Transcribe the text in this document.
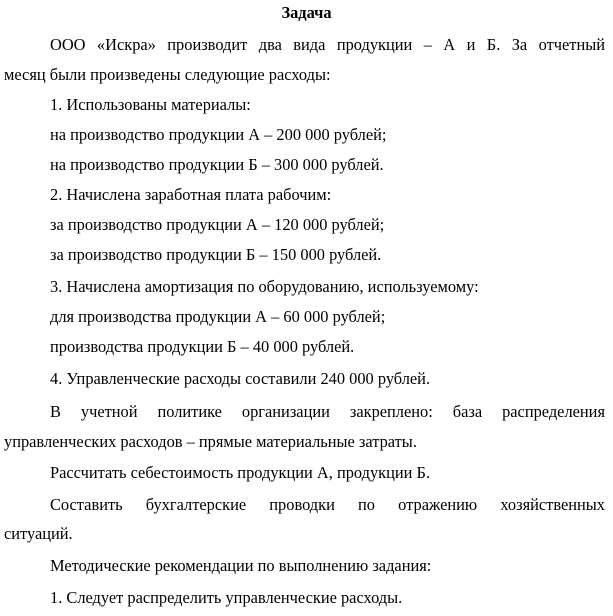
Задача
ООО «Искра» производит два вида продукции – А и Б. За отчетный
месяц были произведены следующие расходы:
1. Использованы материалы:
на производство продукции А – 200 000 рублей;
на производство продукции Б – 300 000 рублей.
2. Начислена заработная плата рабочим:
за производство продукции А – 120 000 рублей;
за производство продукции Б – 150 000 рублей.
3. Начислена амортизация по оборудованию, используемому:
для производства продукции А – 60 000 рублей;
производства продукции Б – 40 000 рублей.
4. Управленческие расходы составили 240 000 рублей.
В учетной политике организации закреплено: база распределения
управленческих расходов – прямые материальные затраты.
Рассчитать себестоимость продукции А, продукции Б.
Составить бухгалтерские проводки по отражению хозяйственных
ситуаций.
Методические рекомендации по выполнению задания:
1. Следует распределить управленческие расходы.
